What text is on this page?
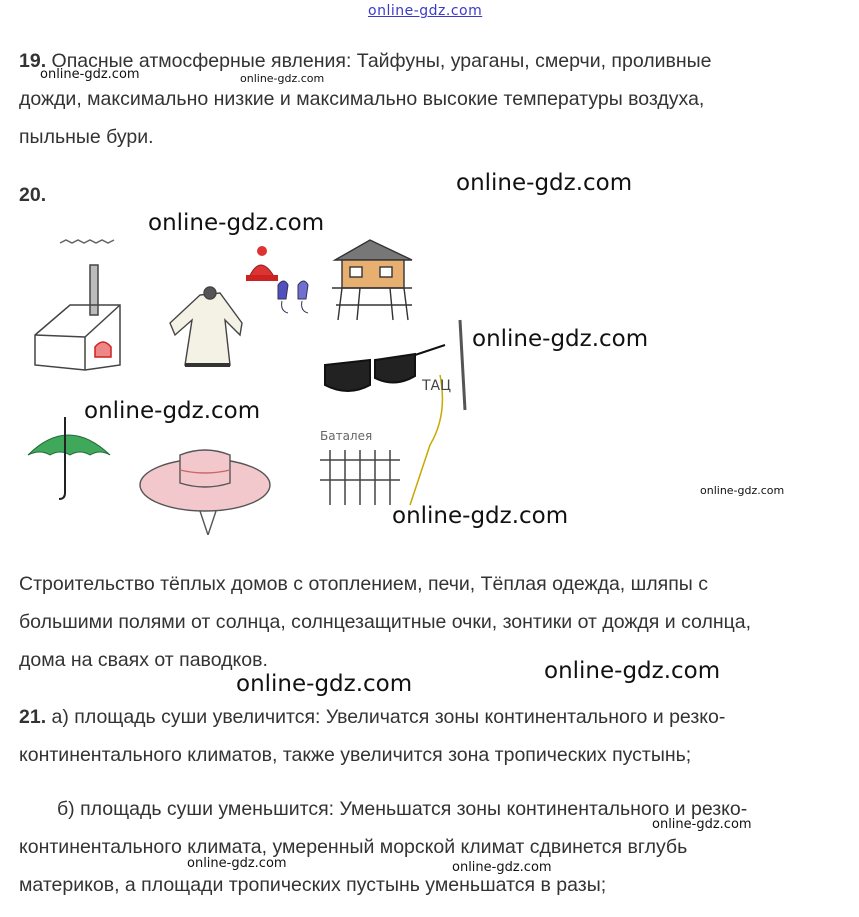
online-gdz.com
19. Опасные атмосферные явления: Тайфуны, ураганы, смерчи, проливные
дожди, максимально низкие и максимально высокие температуры воздуха,
пыльные бури.
20.
ТАЦ
Баталея
Строительство тёплых домов с отоплением, печи, Тёплая одежда, шляпы с
большими полями от солнца, солнцезащитные очки, зонтики от дождя и солнца,
дома на сваях от паводков.
21. а) площадь суши увеличится: Увеличатся зоны континентального и резко-
континентального климатов, также увеличится зона тропических пустынь;
б) площадь суши уменьшится: Уменьшатся зоны континентального и резко-
континентального климата, умеренный морской климат сдвинется вглубь
материков, а площади тропических пустынь уменьшатся в разы;
online-gdz.com	online-gdz.com
online-gdz.com
online-gdz.com
online-gdz.com
online-gdz.com
online-gdz.com
online-gdz.com
online-gdz.com
online-gdz.com
online-gdz.com
online-gdz.com	online-gdz.com
